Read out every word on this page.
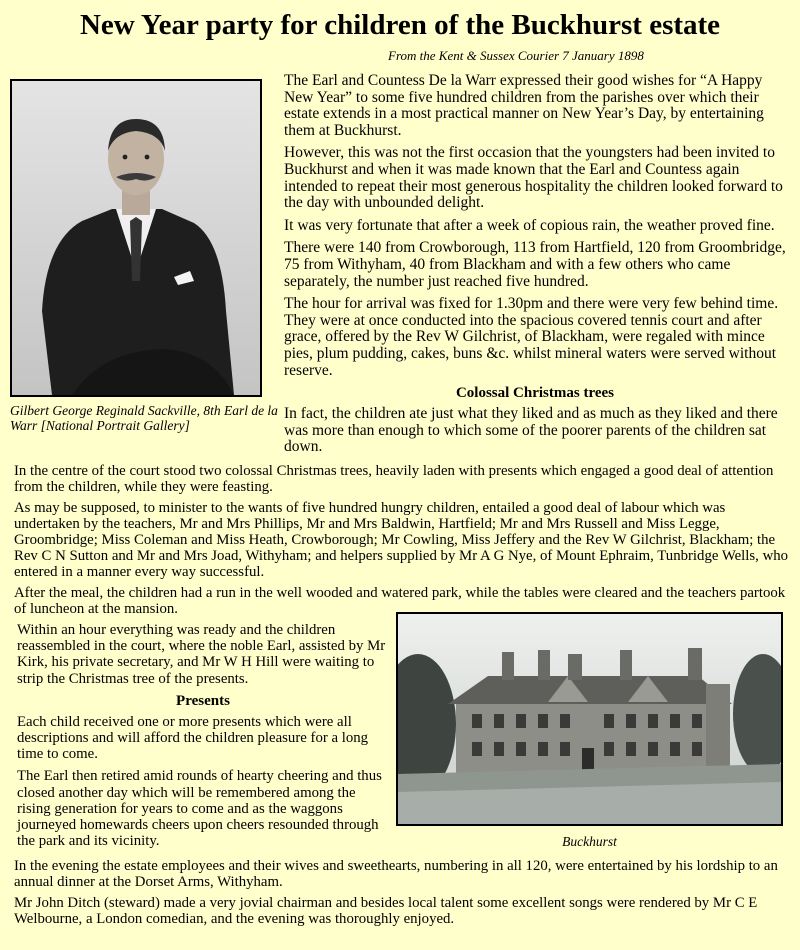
New Year party for children of the Buckhurst estate

From the Kent & Sussex Courier 7 January 1898

Gilbert George Reginald Sackville, 8th Earl de la Warr [National Portrait Gallery]

The Earl and Countess De la Warr expressed their good wishes for “A Happy New Year” to some five hundred children from the parishes over which their estate extends in a most practical manner on New Year’s Day, by entertaining them at Buckhurst.

However, this was not the first occasion that the youngsters had been invited to Buckhurst and when it was made known that the Earl and Countess again intended to repeat their most generous hospitality the children looked forward to the day with unbounded delight.

It was very fortunate that after a week of copious rain, the weather proved fine.

There were 140 from Crowborough, 113 from Hartfield, 120 from Groombridge, 75 from Withyham, 40 from Blackham and with a few others who came separately, the number just reached five hundred.

The hour for arrival was fixed for 1.30pm and there were very few behind time. They were at once conducted into the spacious covered tennis court and after grace, offered by the Rev W Gilchrist, of Blackham, were regaled with mince pies, plum pudding, cakes, buns &c. whilst mineral waters were served without reserve.

Colossal Christmas trees

In fact, the children ate just what they liked and as much as they liked and there was more than enough to which some of the poorer parents of the children sat down.

In the centre of the court stood two colossal Christmas trees, heavily laden with presents which engaged a good deal of attention from the children, while they were feasting.

As may be supposed, to minister to the wants of five hundred hungry children, entailed a good deal of labour which was undertaken by the teachers, Mr and Mrs Phillips, Mr and Mrs Baldwin, Hartfield; Mr and Mrs Russell and Miss Legge, Groombridge; Miss Coleman and Miss Heath, Crowborough; Mr Cowling, Miss Jeffery and the Rev W Gilchrist, Blackham; the Rev C N Sutton and Mr and Mrs Joad, Withyham; and helpers supplied by Mr A G Nye, of Mount Ephraim, Tunbridge Wells, who entered in a manner every way successful.

After the meal, the children had a run in the well wooded and watered park, while the tables were cleared and the teachers partook of luncheon at the mansion.

Within an hour everything was ready and the children reassembled in the court, where the noble Earl, assisted by Mr Kirk, his private secretary, and Mr W H Hill were waiting to strip the Christmas tree of the presents.

Presents

Each child received one or more presents which were all descriptions and will afford the children pleasure for a long time to come.

The Earl then retired amid rounds of hearty cheering and thus closed another day which will be remembered among the rising generation for years to come and as the waggons journeyed homewards cheers upon cheers resounded through the park and its vicinity.	Buckhurst

In the evening the estate employees and their wives and sweethearts, numbering in all 120, were entertained by his lordship to an annual dinner at the Dorset Arms, Withyham.

Mr John Ditch (steward) made a very jovial chairman and besides local talent some excellent songs were rendered by Mr C E Welbourne, a London comedian, and the evening was thoroughly enjoyed.
